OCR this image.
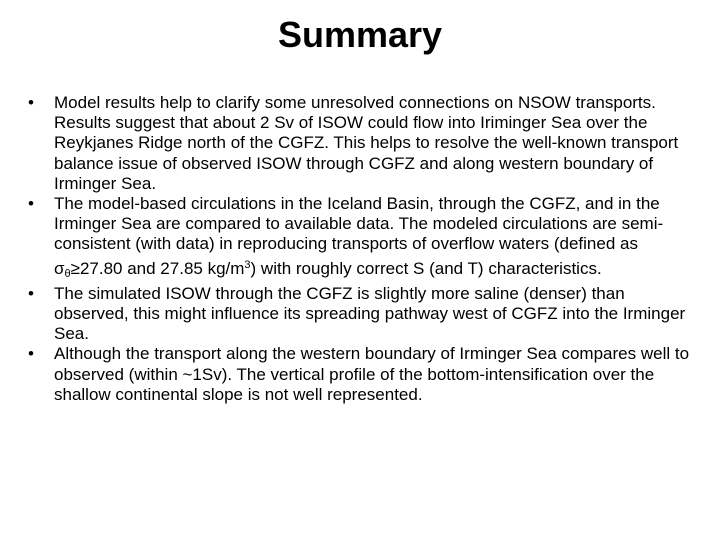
Summary
• Model results help to clarify some unresolved connections on NSOW transports. Results suggest that about 2 Sv of ISOW could flow into Iriminger Sea over the Reykjanes Ridge north of the CGFZ. This helps to resolve the well-known transport balance issue of observed ISOW through CGFZ and along western boundary of Irminger Sea.
• The model-based circulations in the Iceland Basin, through the CGFZ, and in the Irminger Sea are compared to available data. The modeled circulations are semi-consistent (with data) in reproducing transports of overflow waters (defined as σθ≥27.80 and 27.85 $kg/m^3$) with roughly correct S (and T) characteristics.
• The simulated ISOW through the CGFZ is slightly more saline (denser) than observed, this might influence its spreading pathway west of CGFZ into the Irminger Sea.
• Although the transport along the western boundary of Irminger Sea compares well to observed (within ~1Sv). The vertical profile of the bottom-intensification over the shallow continental slope is not well represented.
